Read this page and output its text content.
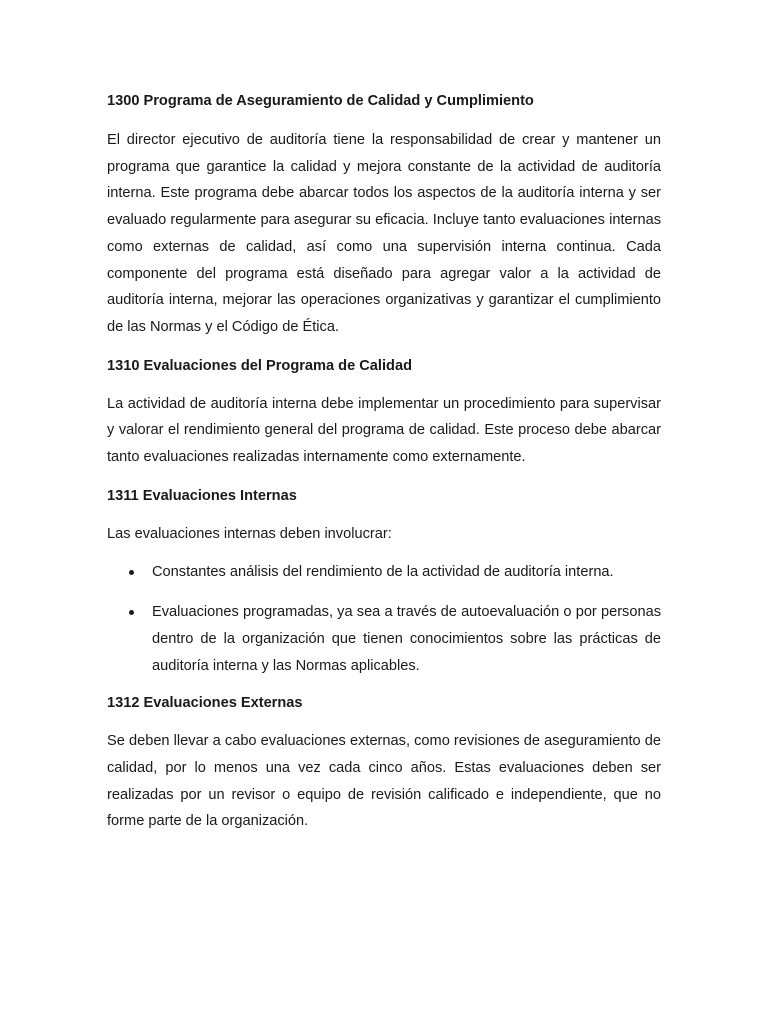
1300 Programa de Aseguramiento de Calidad y Cumplimiento

El director ejecutivo de auditoría tiene la responsabilidad de crear y mantener un programa que garantice la calidad y mejora constante de la actividad de auditoría interna. Este programa debe abarcar todos los aspectos de la auditoría interna y ser evaluado regularmente para asegurar su eficacia. Incluye tanto evaluaciones internas como externas de calidad, así como una supervisión interna continua. Cada componente del programa está diseñado para agregar valor a la actividad de auditoría interna, mejorar las operaciones organizativas y garantizar el cumplimiento de las Normas y el Código de Ética.

1310 Evaluaciones del Programa de Calidad

La actividad de auditoría interna debe implementar un procedimiento para supervisar y valorar el rendimiento general del programa de calidad. Este proceso debe abarcar tanto evaluaciones realizadas internamente como externamente.

1311 Evaluaciones Internas

Las evaluaciones internas deben involucrar:

Constantes análisis del rendimiento de la actividad de auditoría interna.
Evaluaciones programadas, ya sea a través de autoevaluación o por personas dentro de la organización que tienen conocimientos sobre las prácticas de auditoría interna y las Normas aplicables.
1312 Evaluaciones Externas

Se deben llevar a cabo evaluaciones externas, como revisiones de aseguramiento de calidad, por lo menos una vez cada cinco años. Estas evaluaciones deben ser realizadas por un revisor o equipo de revisión calificado e independiente, que no forme parte de la organización.
